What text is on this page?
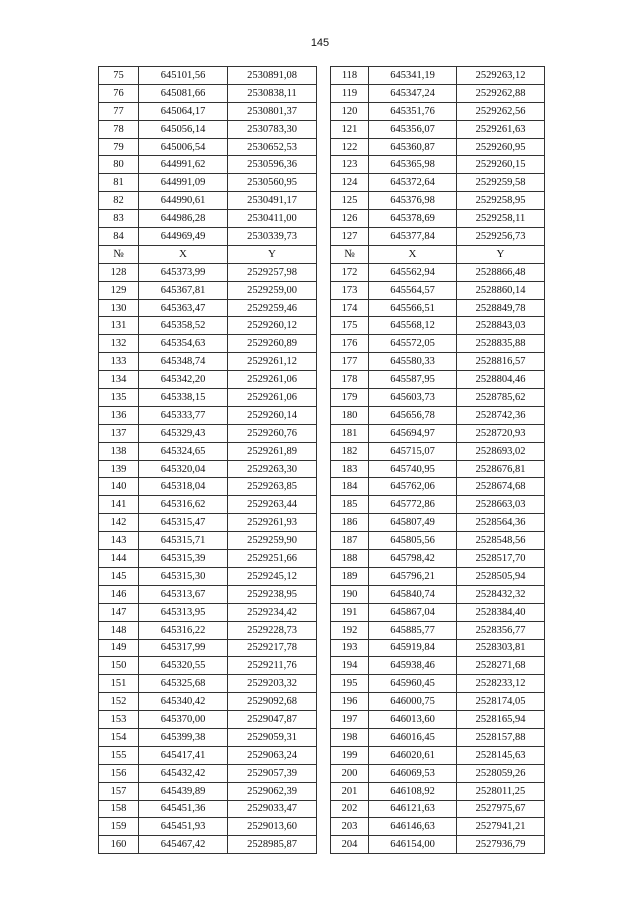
145
75	645101,56	2530891,08		118	645341,19	2529263,12
76	645081,66	2530838,11		119	645347,24	2529262,88
77	645064,17	2530801,37		120	645351,76	2529262,56
78	645056,14	2530783,30		121	645356,07	2529261,63
79	645006,54	2530652,53		122	645360,87	2529260,95
80	644991,62	2530596,36		123	645365,98	2529260,15
81	644991,09	2530560,95		124	645372,64	2529259,58
82	644990,61	2530491,17		125	645376,98	2529258,95
83	644986,28	2530411,00		126	645378,69	2529258,11
84	644969,49	2530339,73		127	645377,84	2529256,73
№	X	Y		№	X	Y
128	645373,99	2529257,98		172	645562,94	2528866,48
129	645367,81	2529259,00		173	645564,57	2528860,14
130	645363,47	2529259,46		174	645566,51	2528849,78
131	645358,52	2529260,12		175	645568,12	2528843,03
132	645354,63	2529260,89		176	645572,05	2528835,88
133	645348,74	2529261,12		177	645580,33	2528816,57
134	645342,20	2529261,06		178	645587,95	2528804,46
135	645338,15	2529261,06		179	645603,73	2528785,62
136	645333,77	2529260,14		180	645656,78	2528742,36
137	645329,43	2529260,76		181	645694,97	2528720,93
138	645324,65	2529261,89		182	645715,07	2528693,02
139	645320,04	2529263,30		183	645740,95	2528676,81
140	645318,04	2529263,85		184	645762,06	2528674,68
141	645316,62	2529263,44		185	645772,86	2528663,03
142	645315,47	2529261,93		186	645807,49	2528564,36
143	645315,71	2529259,90		187	645805,56	2528548,56
144	645315,39	2529251,66		188	645798,42	2528517,70
145	645315,30	2529245,12		189	645796,21	2528505,94
146	645313,67	2529238,95		190	645840,74	2528432,32
147	645313,95	2529234,42		191	645867,04	2528384,40
148	645316,22	2529228,73		192	645885,77	2528356,77
149	645317,99	2529217,78		193	645919,84	2528303,81
150	645320,55	2529211,76		194	645938,46	2528271,68
151	645325,68	2529203,32		195	645960,45	2528233,12
152	645340,42	2529092,68		196	646000,75	2528174,05
153	645370,00	2529047,87		197	646013,60	2528165,94
154	645399,38	2529059,31		198	646016,45	2528157,88
155	645417,41	2529063,24		199	646020,61	2528145,63
156	645432,42	2529057,39		200	646069,53	2528059,26
157	645439,89	2529062,39		201	646108,92	2528011,25
158	645451,36	2529033,47		202	646121,63	2527975,67
159	645451,93	2529013,60		203	646146,63	2527941,21
160	645467,42	2528985,87		204	646154,00	2527936,79
